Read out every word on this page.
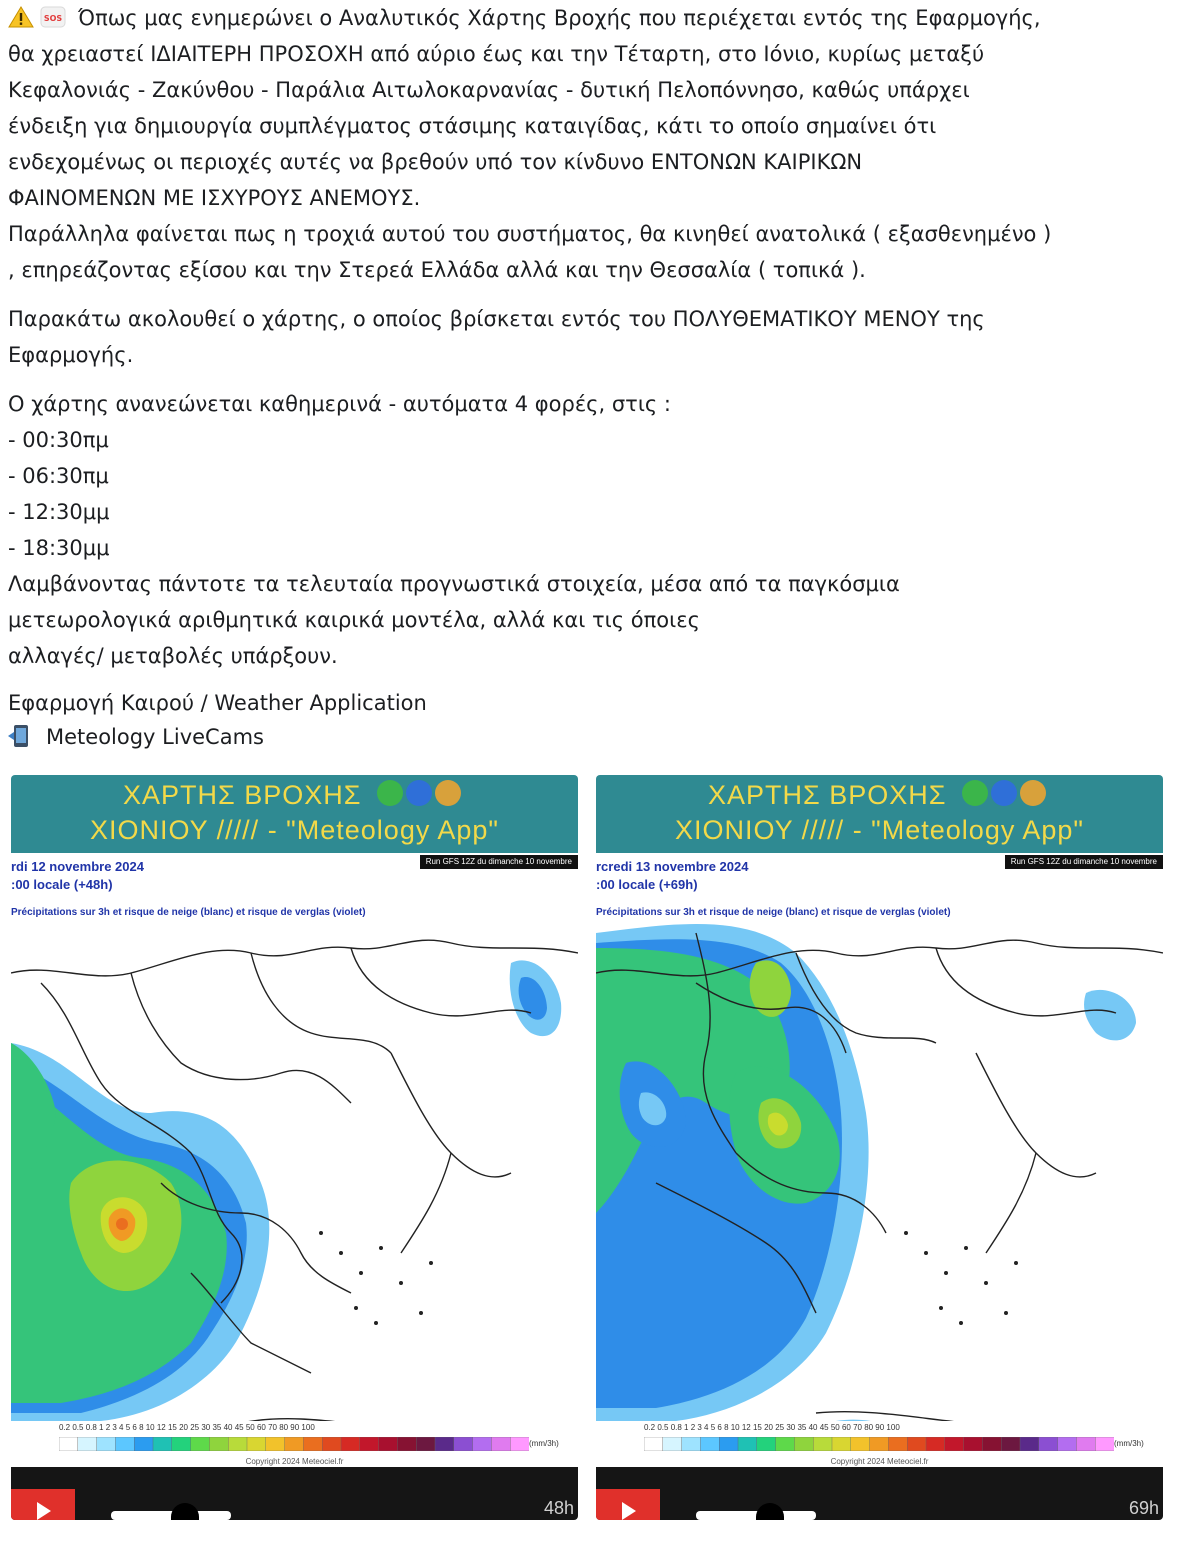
SOS Όπως μας ενημερώνει ο Αναλυτικός Χάρτης Βροχής που περιέχεται εντός της Εφαρμογής,
θα χρειαστεί ΙΔΙΑΙΤΕΡΗ ΠΡΟΣΟΧΗ από αύριο έως και την Τέταρτη, στο Ιόνιο, κυρίως μεταξύ
Κεφαλονιάς - Ζακύνθου - Παράλια Αιτωλοκαρνανίας - δυτική Πελοπόννησο, καθώς υπάρχει
ένδειξη για δημιουργία συμπλέγματος στάσιμης καταιγίδας, κάτι το οποίο σημαίνει ότι
ενδεχομένως οι περιοχές αυτές να βρεθούν υπό τον κίνδυνο ΕΝΤΟΝΩΝ ΚΑΙΡΙΚΩΝ
ΦΑΙΝΟΜΕΝΩΝ ΜΕ ΙΣΧΥΡΟΥΣ ΑΝΕΜΟΥΣ.
Παράλληλα φαίνεται πως η τροχιά αυτού του συστήματος, θα κινηθεί ανατολικά ( εξασθενημένο )
, επηρεάζοντας εξίσου και την Στερεά Ελλάδα αλλά και την Θεσσαλία ( τοπικά ).

Παρακάτω ακολουθεί ο χάρτης, ο οποίος βρίσκεται εντός του ΠΟΛΥΘΕΜΑΤΙΚΟΥ ΜΕΝΟΥ της
Εφαρμογής.

Ο χάρτης ανανεώνεται καθημερινά - αυτόματα 4 φορές, στις :
- 00:30πμ
- 06:30πμ
- 12:30μμ
- 18:30μμ
Λαμβάνοντας πάντοτε τα τελευταία προγνωστικά στοιχεία, μέσα από τα παγκόσμια
μετεωρολογικά αριθμητικά καιρικά μοντέλα, αλλά και τις όποιες
αλλαγές/ μεταβολές υπάρξουν.

Εφαρμογή Καιρού / Weather Application
Meteology LiveCams

ΧΑΡΤΗΣ ΒΡΟΧΗΣ
ΧΙΟΝΙΟΥ ///// - "Meteology App"
rdi 12 novembre 2024
:00 locale (+48h)
Précipitations sur 3h et risque de neige (blanc) et risque de verglas (violet)
Run GFS 12Z du dimanche 10 novembre
0.2 0.5 0.8 1 2 3 4 5 6 8 10 12 15 20 25 30 35 40 45 50 60 70 80 90 100
(mm/3h)
Copyright 2024 Meteociel.fr
48h
ΧΑΡΤΗΣ ΒΡΟΧΗΣ
ΧΙΟΝΙΟΥ ///// - "Meteology App"
rcredi 13 novembre 2024
:00 locale (+69h)
Précipitations sur 3h et risque de neige (blanc) et risque de verglas (violet)
Run GFS 12Z du dimanche 10 novembre
0.2 0.5 0.8 1 2 3 4 5 6 8 10 12 15 20 25 30 35 40 45 50 60 70 80 90 100
(mm/3h)
Copyright 2024 Meteociel.fr
69h
